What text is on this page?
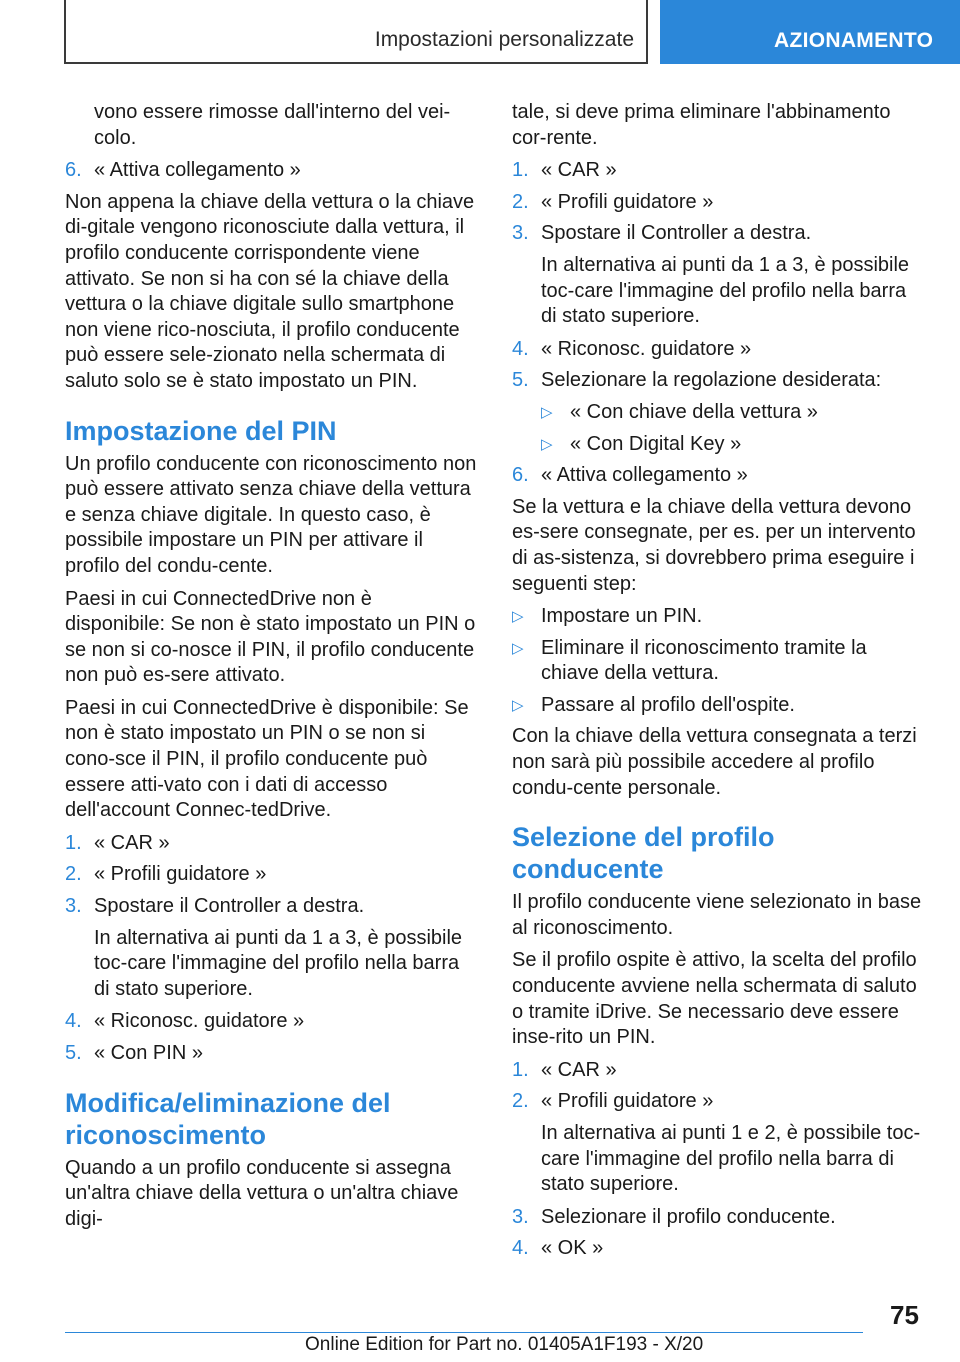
Impostazioni personalizzate	AZIONAMENTO

vono essere rimosse dall'interno del vei-colo.

6. « Attiva collegamento »

Non appena la chiave della vettura o la chiave di-gitale vengono riconosciute dalla vettura, il profilo conducente corrispondente viene attivato. Se non si ha con sé la chiave della vettura o la chiave digitale sullo smartphone non viene rico-nosciuta, il profilo conducente può essere sele-zionato nella schermata di saluto solo se è stato impostato un PIN.

Impostazione del PIN

Un profilo conducente con riconoscimento non può essere attivato senza chiave della vettura e senza chiave digitale. In questo caso, è possibile impostare un PIN per attivare il profilo del condu-cente.

Paesi in cui ConnectedDrive non è disponibile: Se non è stato impostato un PIN o se non si co-nosce il PIN, il profilo conducente non può es-sere attivato.

Paesi in cui ConnectedDrive è disponibile: Se non è stato impostato un PIN o se non si cono-sce il PIN, il profilo conducente può essere atti-vato con i dati di accesso dell'account Connec-tedDrive.

1. « CAR »
2. « Profili guidatore »
3. Spostare il Controller a destra.

In alternativa ai punti da 1 a 3, è possibile toc-care l'immagine del profilo nella barra di stato superiore.

4. « Riconosc. guidatore »
5. « Con PIN »
Modifica/eliminazione del riconoscimento

Quando a un profilo conducente si assegna un'altra chiave della vettura o un'altra chiave digi-

tale, si deve prima eliminare l'abbinamento cor-rente.

1. « CAR »
2. « Profili guidatore »
3. Spostare il Controller a destra.

In alternativa ai punti da 1 a 3, è possibile toc-care l'immagine del profilo nella barra di stato superiore.

4. « Riconosc. guidatore »
5. Selezionare la regolazione desiderata:
▷ « Con chiave della vettura »
▷ « Con Digital Key »
6. « Attiva collegamento »

Se la vettura e la chiave della vettura devono es-sere consegnate, per es. per un intervento di as-sistenza, si dovrebbero prima eseguire i seguenti step:

▷ Impostare un PIN.
▷ Eliminare il riconoscimento tramite la chiave della vettura.
▷ Passare al profilo dell'ospite.

Con la chiave della vettura consegnata a terzi non sarà più possibile accedere al profilo condu-cente personale.

Selezione del profilo conducente

Il profilo conducente viene selezionato in base al riconoscimento.

Se il profilo ospite è attivo, la scelta del profilo conducente avviene nella schermata di saluto o tramite iDrive. Se necessario deve essere inse-rito un PIN.

1. « CAR »
2. « Profili guidatore »

In alternativa ai punti 1 e 2, è possibile toc-care l'immagine del profilo nella barra di stato superiore.

3. Selezionare il profilo conducente.
4. « OK »
75
Online Edition for Part no. 01405A1F193 - X/20
